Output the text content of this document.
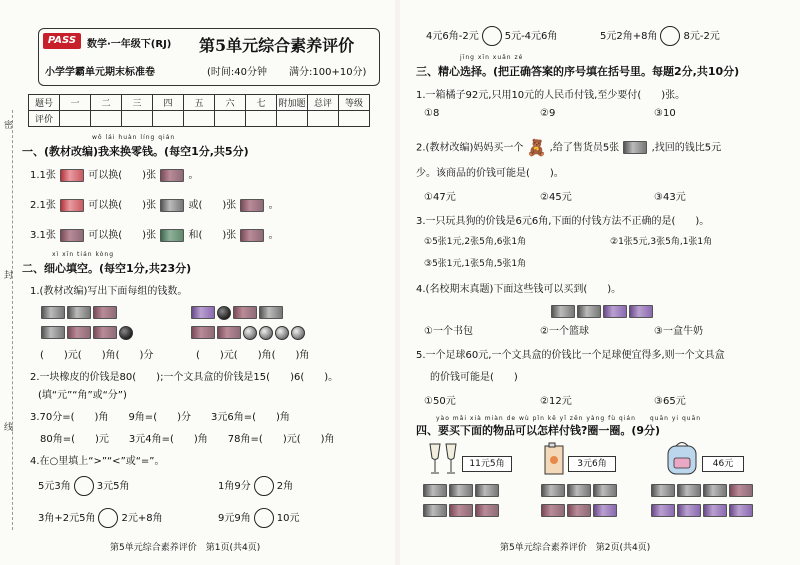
PASS	数学·一年级下(RJ) 第5单元综合素养评价
小学学霸单元期末标准卷	(时间:40分钟 满分:100+10分)
题号	一	二	三	四	五	六	七	附加题	总评	等级
评价										
密
封
线
wǒ lái huàn líng qián
一、(教材改编)我来换零钱。(每空1分,共5分)
1.1张	可以换(　　)张	。
2.1张	可以换(　　)张	或(　　)张	。
3.1张	可以换(　　)张	和(　　)张	。
xì xīn tián kòng
二、细心填空。(每空1分,共23分)
1.(教材改编)写出下面每组的钱数。
(　　)元(　　)角(　　)分	(　　)元(　　)角(　　)角
2.一块橡皮的价钱是80(　　);一个文具盒的价钱是15(　　)6(　　)。
(填“元”“角”或“分”)
3.70分=(　　)角　　9角=(　　)分　　3元6角=(　　)角
　80角=(　　)元　　3元4角=(　　)角　　78角=(　　)元(　　)角
4.在○里填上“>”“<”或“=”。
5元3角	3元5角	1角9分	2角
3角+2元5角	2元+8角	9元9角	10元
第5单元综合素养评价　第1页(共4页)
4元6角-2元	5元-4元6角	5元2角+8角	8元-2元
jīng xīn xuǎn zé
三、精心选择。(把正确答案的序号填在括号里。每题2分,共10分)
1.一箱橘子92元,只用10元的人民币付钱,至少要付(　　)张。
①8	②9	③10
2.(教材改编)妈妈买一个 🧸 ,给了售货员5张	,找回的钱比5元
少。该商品的价钱可能是(　　)。
①47元	②45元	③43元
3.一只玩具狗的价钱是6元6角,下面的付钱方法不正确的是(　　)。
①5张1元,2张5角,6张1角	②1张5元,3张5角,1张1角
③5张1元,1张5角,5张1角
4.(名校期末真题)下面这些钱可以买到(　　)。
①一个书包	②一个篮球	③一盒牛奶
5.一个足球60元,一个文具盒的价钱比一个足球便宜得多,则一个文具盒
的价钱可能是(　　)
①50元	②12元	③65元
yào mǎi xià miàn de wù pǐn kě yǐ zěn yàng fù qián　　quān yi quān
四、要买下面的物品可以怎样付钱?圈一圈。(9分)
11元5角	3元6角	46元
第5单元综合素养评价　第2页(共4页)
